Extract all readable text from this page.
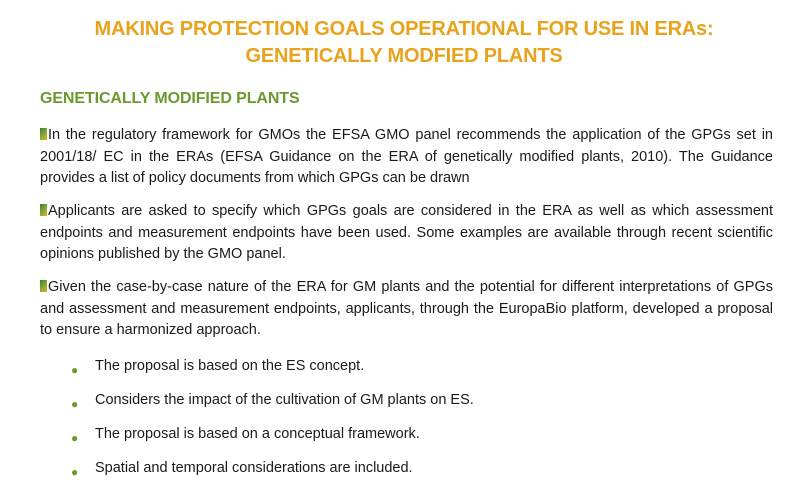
MAKING PROTECTION GOALS OPERATIONAL FOR USE IN ERAs:
GENETICALLY MODFIED PLANTS
GENETICALLY MODIFIED PLANTS
In the regulatory framework for GMOs the EFSA GMO panel recommends the application of the GPGs set in 2001/18/ EC in the ERAs (EFSA Guidance on the ERA of genetically modified plants, 2010). The Guidance provides a list of policy documents from which GPGs can be drawn
Applicants are asked to specify which GPGs goals are considered in the ERA as well as which assessment endpoints and measurement endpoints have been used. Some examples are available through recent scientific opinions published by the GMO panel.
Given the case-by-case nature of the ERA for GM plants and the potential for different interpretations of GPGs and assessment and measurement endpoints, applicants, through the EuropaBio platform, developed a proposal to ensure a harmonized approach.
● The proposal is based on the ES concept.
● Considers the impact of the cultivation of GM plants on ES.
● The proposal is based on a conceptual framework.
● Spatial and temporal considerations are included.
